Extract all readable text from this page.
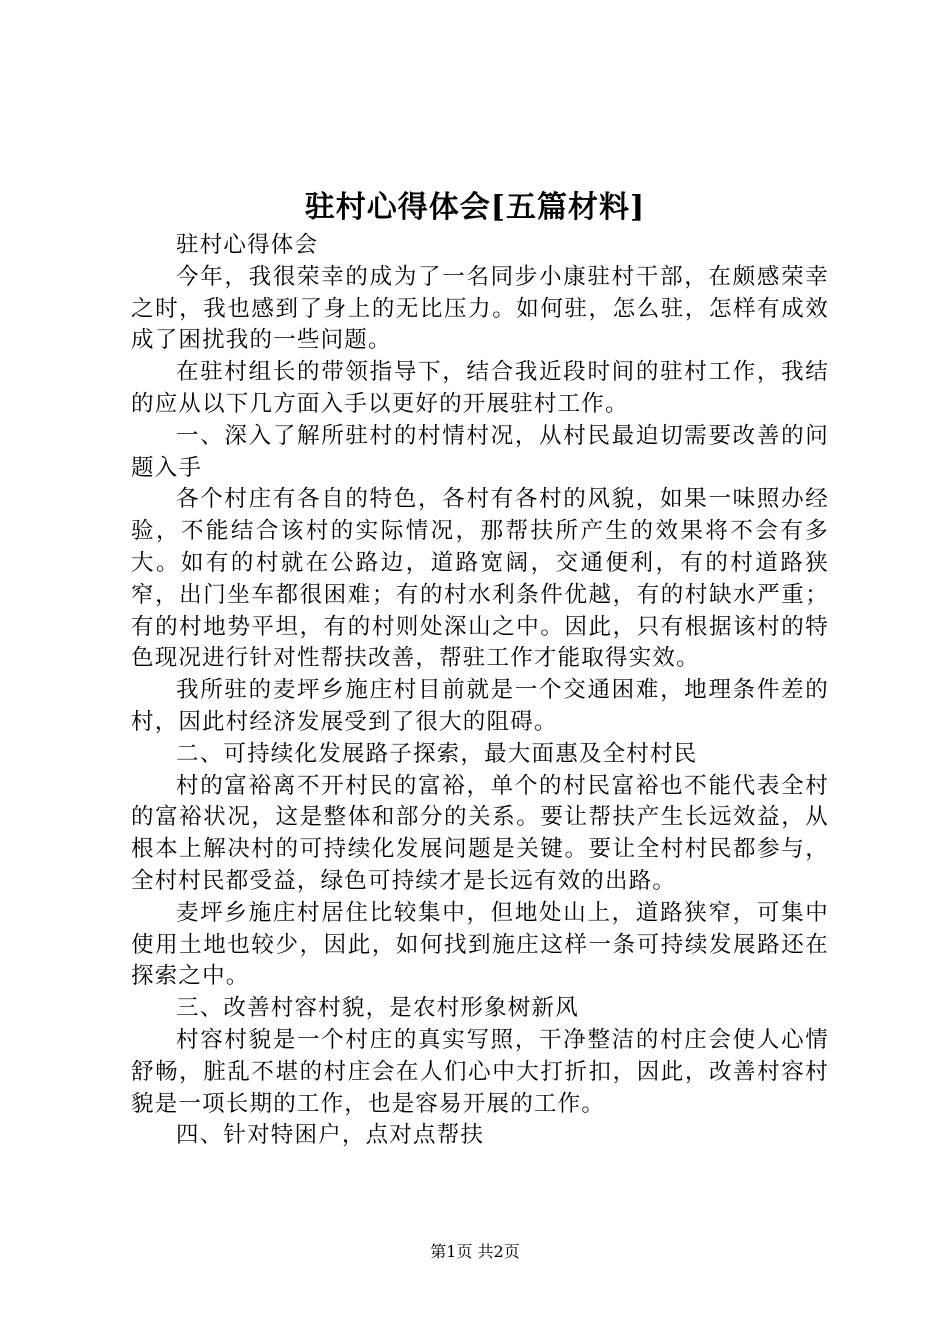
驻村心得体会[五篇材料]

驻村心得体会

今年，我很荣幸的成为了一名同步小康驻村干部，在颇感荣幸之时，我也感到了身上的无比压力。如何驻，怎么驻，怎样有成效成了困扰我的一些问题。

在驻村组长的带领指导下，结合我近段时间的驻村工作，我结的应从以下几方面入手以更好的开展驻村工作。

一、深入了解所驻村的村情村况，从村民最迫切需要改善的问题入手

各个村庄有各自的特色，各村有各村的风貌，如果一味照办经验，不能结合该村的实际情况，那帮扶所产生的效果将不会有多大。如有的村就在公路边，道路宽阔，交通便利，有的村道路狭窄，出门坐车都很困难；有的村水利条件优越，有的村缺水严重；有的村地势平坦，有的村则处深山之中。因此，只有根据该村的特色现况进行针对性帮扶改善，帮驻工作才能取得实效。

我所驻的麦坪乡施庄村目前就是一个交通困难，地理条件差的村，因此村经济发展受到了很大的阻碍。

二、可持续化发展路子探索，最大面惠及全村村民

村的富裕离不开村民的富裕，单个的村民富裕也不能代表全村的富裕状况，这是整体和部分的关系。要让帮扶产生长远效益，从根本上解决村的可持续化发展问题是关键。要让全村村民都参与，全村村民都受益，绿色可持续才是长远有效的出路。

麦坪乡施庄村居住比较集中，但地处山上，道路狭窄，可集中使用土地也较少，因此，如何找到施庄这样一条可持续发展路还在探索之中。

三、改善村容村貌，是农村形象树新风

村容村貌是一个村庄的真实写照，干净整洁的村庄会使人心情舒畅，脏乱不堪的村庄会在人们心中大打折扣，因此，改善村容村貌是一项长期的工作，也是容易开展的工作。

四、针对特困户，点对点帮扶

第1页 共2页
